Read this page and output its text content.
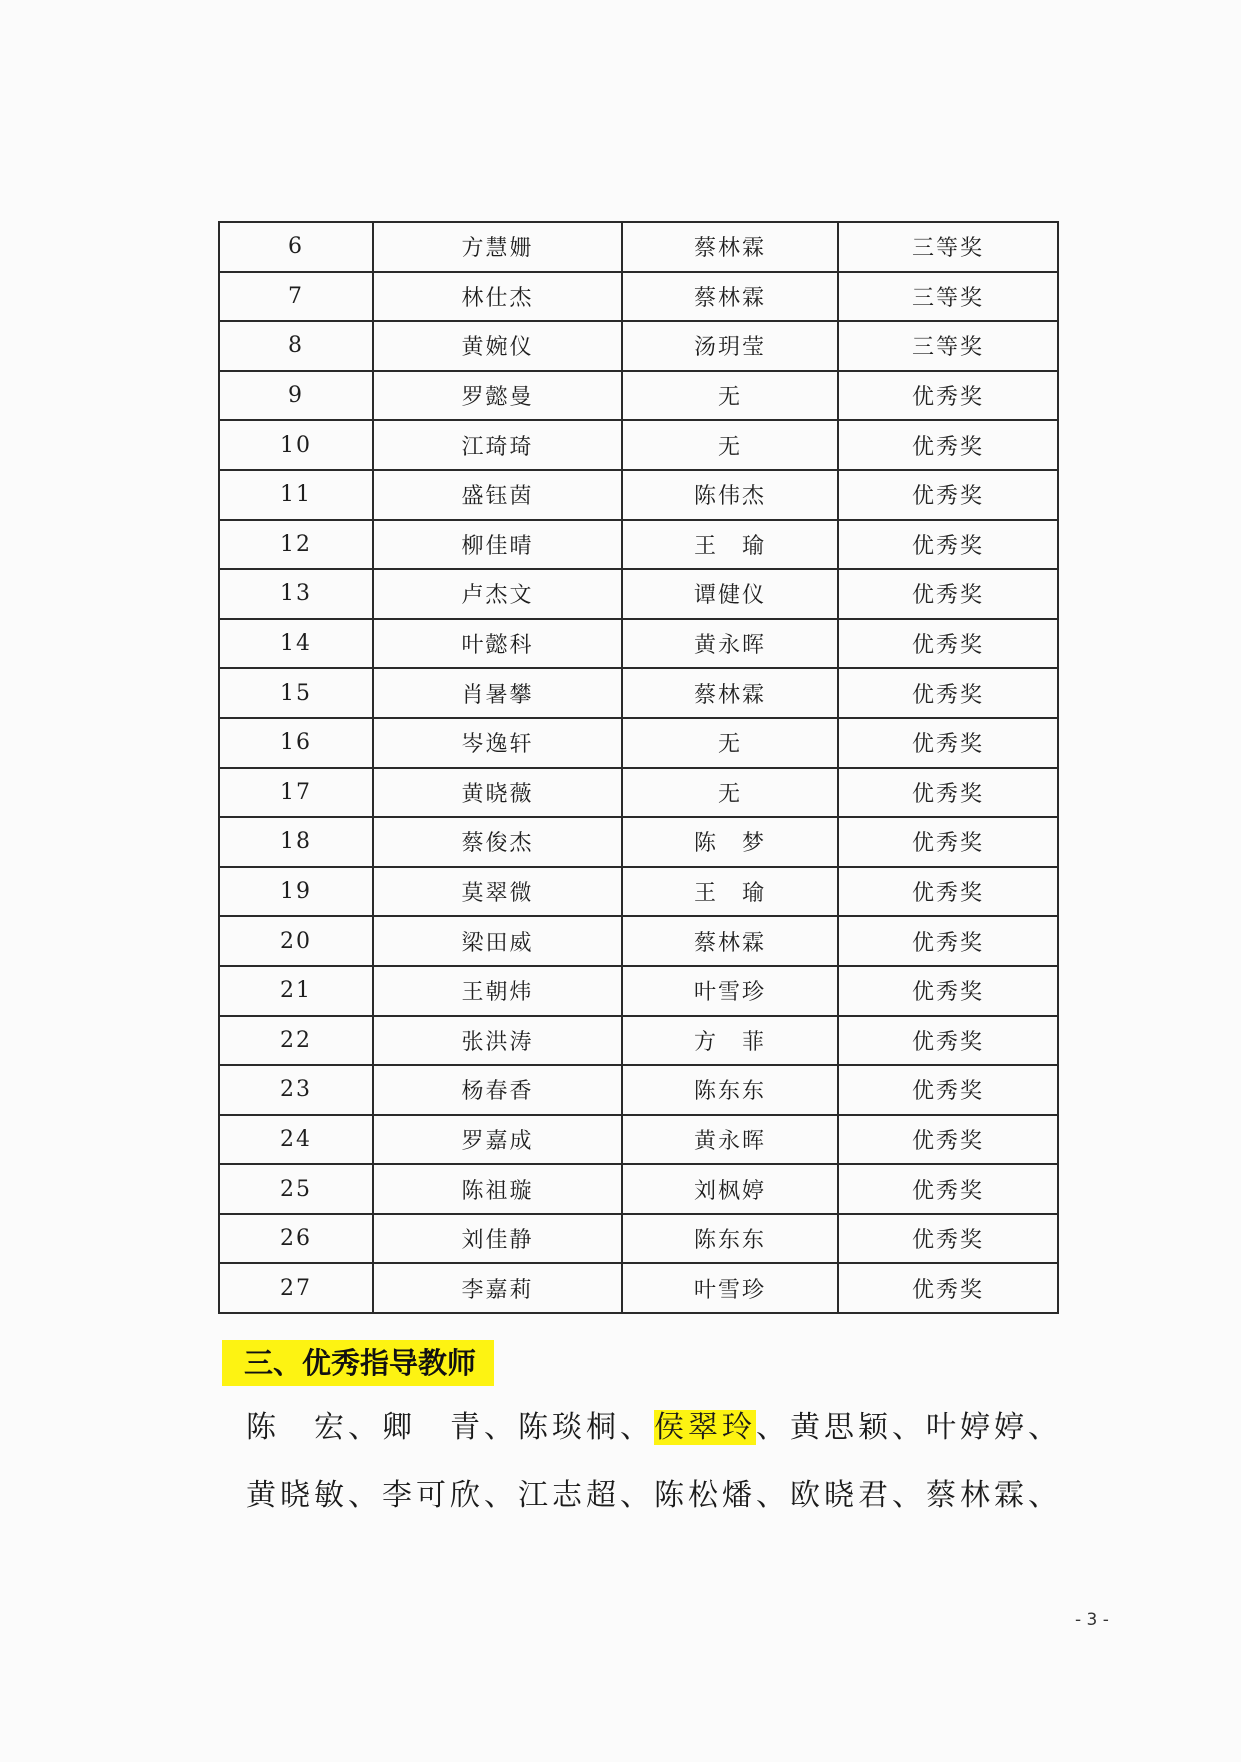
6	方慧姗	蔡林霖	三等奖
7	林仕杰	蔡林霖	三等奖
8	黄婉仪	汤玥莹	三等奖
9	罗懿曼	无	优秀奖
10	江琦琦	无	优秀奖
11	盛钰茵	陈伟杰	优秀奖
12	柳佳晴	王　瑜	优秀奖
13	卢杰文	谭健仪	优秀奖
14	叶懿科	黄永晖	优秀奖
15	肖暑攀	蔡林霖	优秀奖
16	岑逸轩	无	优秀奖
17	黄晓薇	无	优秀奖
18	蔡俊杰	陈　梦	优秀奖
19	莫翠微	王　瑜	优秀奖
20	梁田威	蔡林霖	优秀奖
21	王朝炜	叶雪珍	优秀奖
22	张洪涛	方　菲	优秀奖
23	杨春香	陈东东	优秀奖
24	罗嘉成	黄永晖	优秀奖
25	陈祖璇	刘枫婷	优秀奖
26	刘佳静	陈东东	优秀奖
27	李嘉莉	叶雪珍	优秀奖
三、优秀指导教师
陈　宏、卿　青、陈琰桐、侯翠玲、黄思颖、叶婷婷、
黄晓敏、李可欣、江志超、陈松燔、欧晓君、蔡林霖、
- 3 -
